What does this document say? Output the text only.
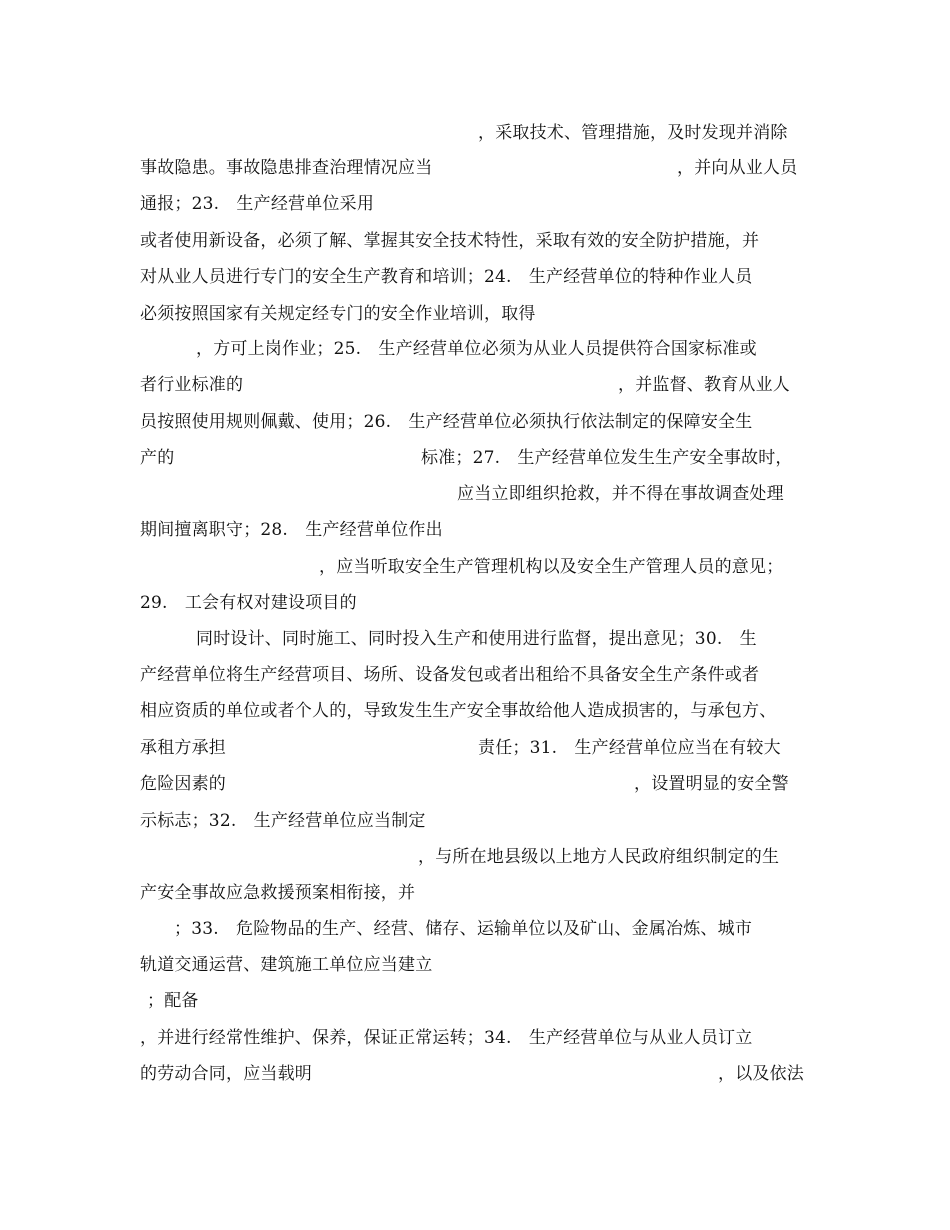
，采取技术、管理措施，及时发现并消除
事故隐患。事故隐患排查治理情况应当	，并向从业人员
通报；23.　生产经营单位采用
或者使用新设备，必须了解、掌握其安全技术特性，采取有效的安全防护措施，并
对从业人员进行专门的安全生产教育和培训；24.　生产经营单位的特种作业人员
必须按照国家有关规定经专门的安全作业培训，取得
，方可上岗作业；25.　生产经营单位必须为从业人员提供符合国家标准或
者行业标准的	，并监督、教育从业人
员按照使用规则佩戴、使用；26.　生产经营单位必须执行依法制定的保障安全生
产的	标准；27.　生产经营单位发生生产安全事故时，
应当立即组织抢救，并不得在事故调查处理
期间擅离职守；28.　生产经营单位作出
，应当听取安全生产管理机构以及安全生产管理人员的意见；
29.　工会有权对建设项目的
同时设计、同时施工、同时投入生产和使用进行监督，提出意见；30.　生
产经营单位将生产经营项目、场所、设备发包或者出租给不具备安全生产条件或者
相应资质的单位或者个人的，导致发生生产安全事故给他人造成损害的，与承包方、
承租方承担	责任；31.　生产经营单位应当在有较大
危险因素的	，设置明显的安全警
示标志；32.　生产经营单位应当制定
，与所在地县级以上地方人民政府组织制定的生
产安全事故应急救援预案相衔接，并
；33.　危险物品的生产、经营、储存、运输单位以及矿山、金属冶炼、城市
轨道交通运营、建筑施工单位应当建立
；配备
，并进行经常性维护、保养，保证正常运转；34.　生产经营单位与从业人员订立
的劳动合同，应当载明	，以及依法
